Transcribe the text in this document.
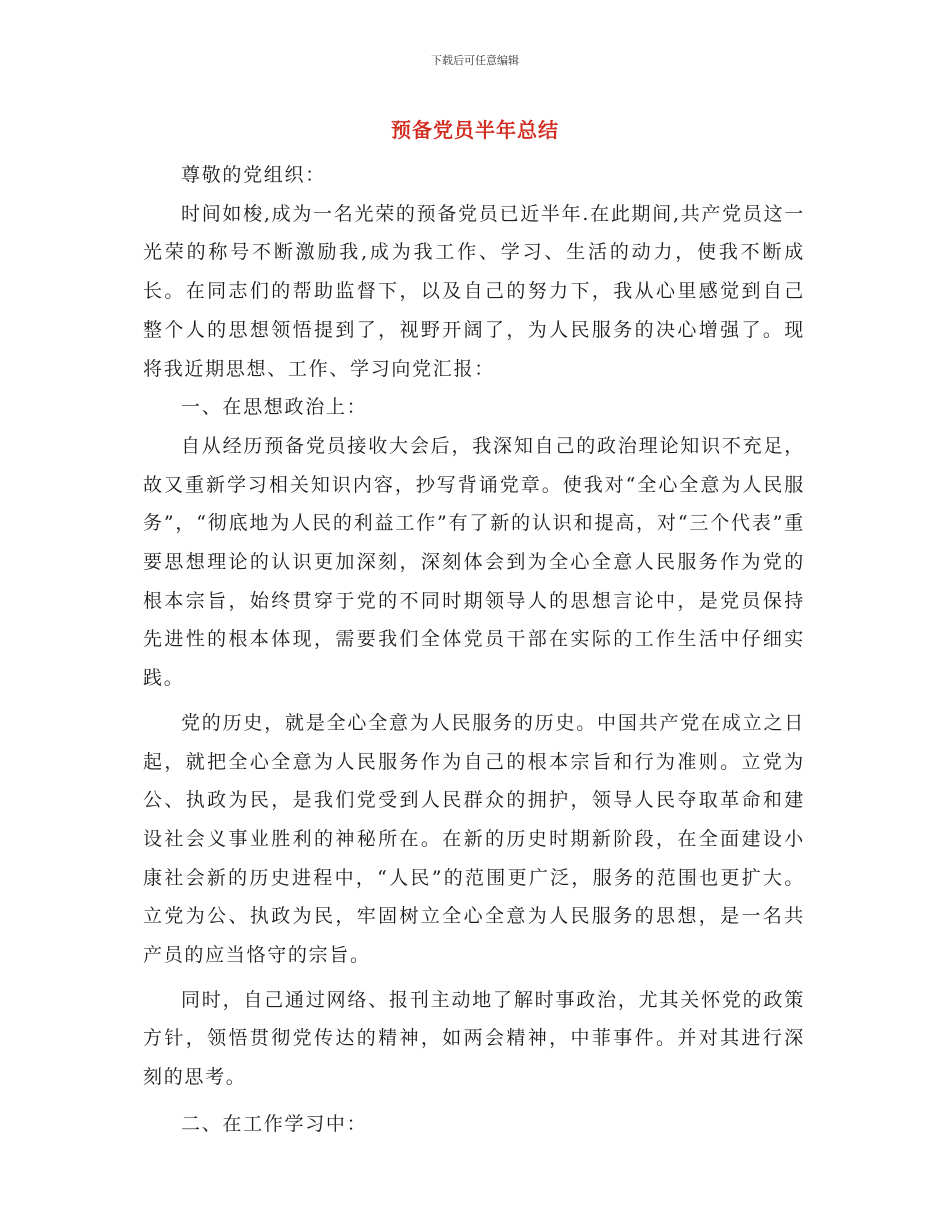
下载后可任意编辑
预备党员半年总结

尊敬的党组织：

时间如梭,成为一名光荣的预备党员已近半年.在此期间,共产党员这一光荣的称号不断激励我,成为我工作、学习、生活的动力，使我不断成长。在同志们的帮助监督下，以及自己的努力下，我从心里感觉到自己整个人的思想领悟提到了，视野开阔了，为人民服务的决心增强了。现将我近期思想、工作、学习向党汇报：

一、在思想政治上：

自从经历预备党员接收大会后，我深知自己的政治理论知识不充足，故又重新学习相关知识内容，抄写背诵党章。使我对“全心全意为人民服务”，“彻底地为人民的利益工作”有了新的认识和提高，对“三个代表”重要思想理论的认识更加深刻，深刻体会到为全心全意人民服务作为党的根本宗旨，始终贯穿于党的不同时期领导人的思想言论中，是党员保持先进性的根本体现，需要我们全体党员干部在实际的工作生活中仔细实践。

党的历史，就是全心全意为人民服务的历史。中国共产党在成立之日起，就把全心全意为人民服务作为自己的根本宗旨和行为准则。立党为公、执政为民，是我们党受到人民群众的拥护，领导人民夺取革命和建设社会义事业胜利的神秘所在。在新的历史时期新阶段，在全面建设小康社会新的历史进程中，“人民”的范围更广泛，服务的范围也更扩大。立党为公、执政为民，牢固树立全心全意为人民服务的思想，是一名共产员的应当恪守的宗旨。

同时，自己通过网络、报刊主动地了解时事政治，尤其关怀党的政策方针，领悟贯彻党传达的精神，如两会精神，中菲事件。并对其进行深刻的思考。

二、在工作学习中：
